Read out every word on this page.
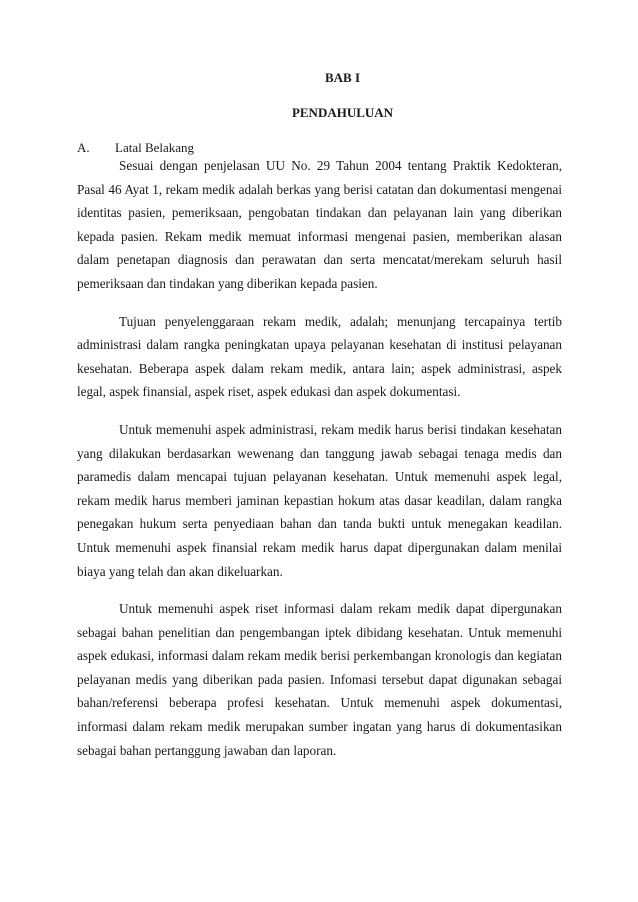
BAB I
PENDAHULUAN
A. Latal Belakang

Sesuai dengan penjelasan UU No. 29 Tahun 2004 tentang Praktik Kedokteran, Pasal 46 Ayat 1, rekam medik adalah berkas yang berisi catatan dan dokumentasi mengenai identitas pasien, pemeriksaan, pengobatan tindakan dan pelayanan lain yang diberikan kepada pasien. Rekam medik memuat informasi mengenai pasien, memberikan alasan dalam penetapan diagnosis dan perawatan dan serta mencatat/merekam seluruh hasil pemeriksaan dan tindakan yang diberikan kepada pasien.

Tujuan penyelenggaraan rekam medik, adalah; menunjang tercapainya tertib administrasi dalam rangka peningkatan upaya pelayanan kesehatan di institusi pelayanan kesehatan. Beberapa aspek dalam rekam medik, antara lain; aspek administrasi, aspek legal, aspek finansial, aspek riset, aspek edukasi dan aspek dokumentasi.

Untuk memenuhi aspek administrasi, rekam medik harus berisi tindakan kesehatan yang dilakukan berdasarkan wewenang dan tanggung jawab sebagai tenaga medis dan paramedis dalam mencapai tujuan pelayanan kesehatan. Untuk memenuhi aspek legal, rekam medik harus memberi jaminan kepastian hokum atas dasar keadilan, dalam rangka penegakan hukum serta penyediaan bahan dan tanda bukti untuk menegakan keadilan. Untuk memenuhi aspek finansial rekam medik harus dapat dipergunakan dalam menilai biaya yang telah dan akan dikeluarkan.

Untuk memenuhi aspek riset informasi dalam rekam medik dapat dipergunakan sebagai bahan penelitian dan pengembangan iptek dibidang kesehatan. Untuk memenuhi aspek edukasi, informasi dalam rekam medik berisi perkembangan kronologis dan kegiatan pelayanan medis yang diberikan pada pasien. Infomasi tersebut dapat digunakan sebagai bahan/referensi beberapa profesi kesehatan. Untuk memenuhi aspek dokumentasi, informasi dalam rekam medik merupakan sumber ingatan yang harus di dokumentasikan sebagai bahan pertanggung jawaban dan laporan.
